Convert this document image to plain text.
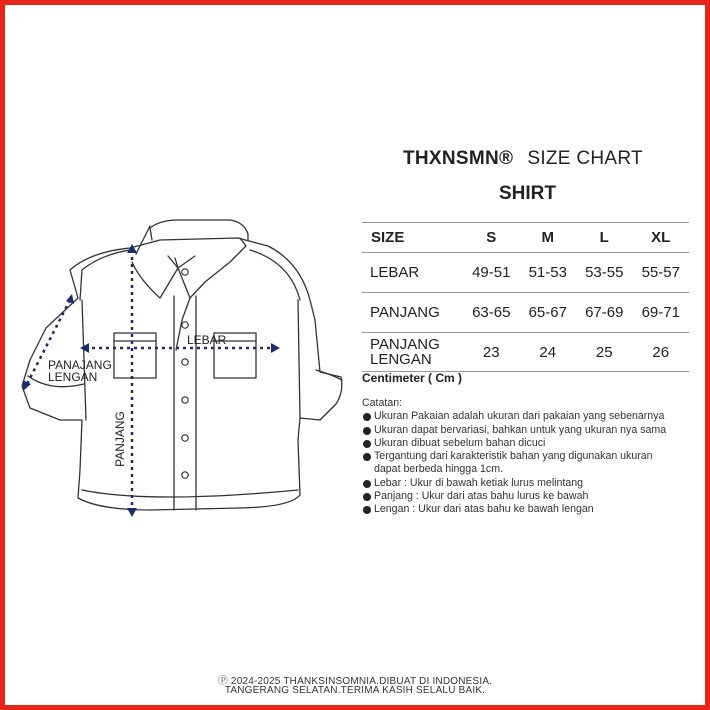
LEBAR
PANAJANG
LENGAN
PANJANG
THXNSMN® SIZE CHART
SHIRT
SIZE	S	M	L	XL
LEBAR	49-51	51-53	53-55	55-57
PANJANG	63-65	65-67	67-69	69-71
PANJANG
LENGAN	23	24	25	26
Centimeter ( Cm )
Catatan:
Ukuran Pakaian adalah ukuran dari pakaian yang sebenarnya
Ukuran dapat bervariasi, bahkan untuk yang ukuran nya sama
Ukuran dibuat sebelum bahan dicuci
Tergantung dari karakteristik bahan yang digunakan ukuran
dapat berbeda hingga 1cm.
Lebar : Ukur di bawah ketiak lurus melintang
Panjang : Ukur dari atas bahu lurus ke bawah
Lengan : Ukur dari atas bahu ke bawah lengan
Ⓟ 2024-2025 THANKSINSOMNIA.DIBUAT DI INDONESIA.
TANGERANG SELATAN.TERIMA KASIH SELALU BAIK.
